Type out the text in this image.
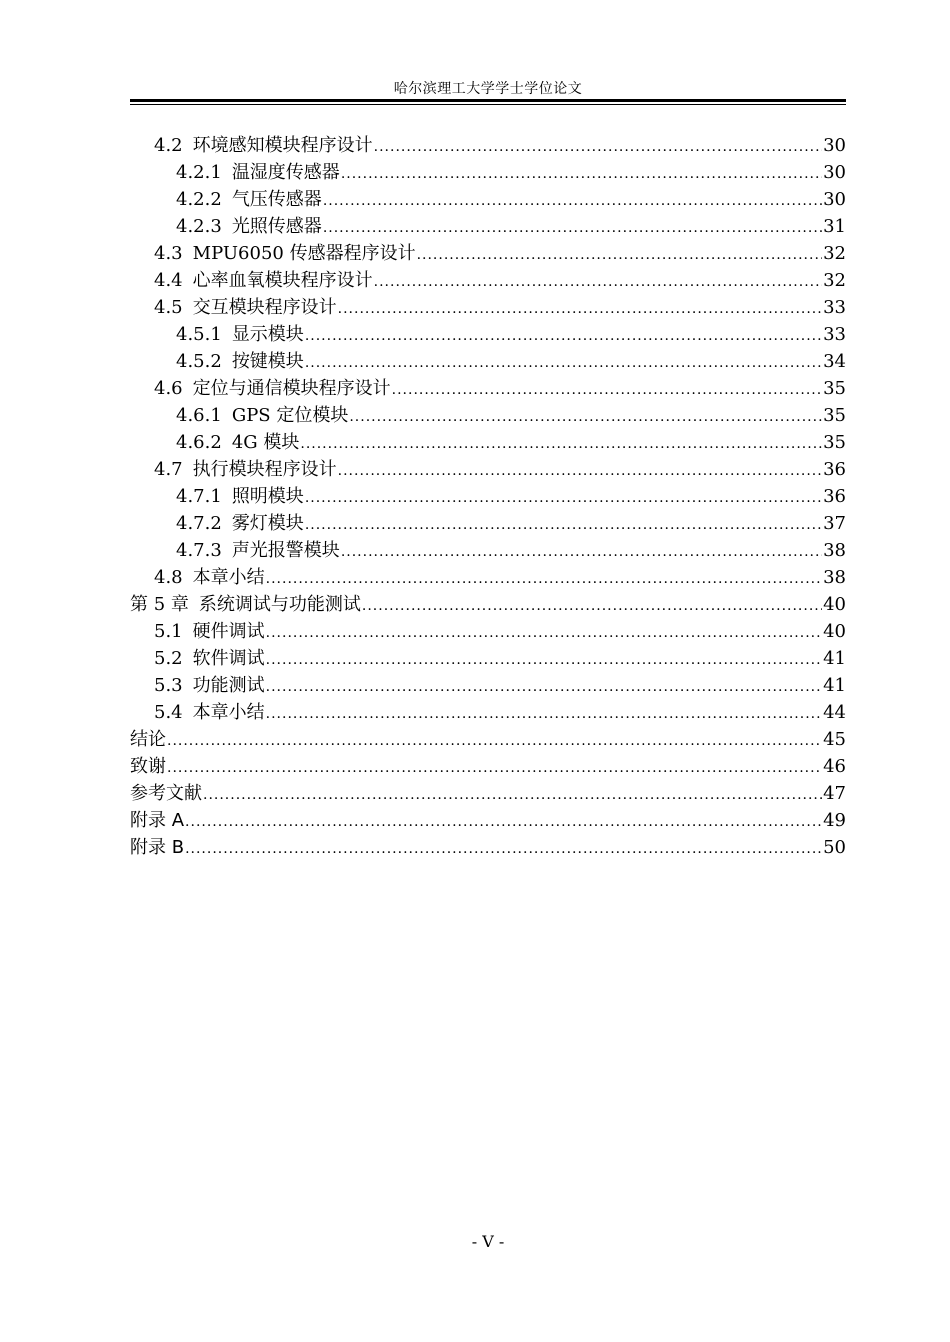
哈尔滨理工大学学士学位论文
4.2 环境感知模块程序设计 .....	30
4.2.1 温湿度传感器 .....	30
4.2.2 气压传感器 .....	30
4.2.3 光照传感器 .....	31
4.3 MPU6050 传感器程序设计 .....	32
4.4 心率血氧模块程序设计 .....	32
4.5 交互模块程序设计 .....	33
4.5.1 显示模块 .....	33
4.5.2 按键模块 .....	34
4.6 定位与通信模块程序设计 .....	35
4.6.1 GPS 定位模块 .....	35
4.6.2 4G 模块 .....	35
4.7 执行模块程序设计 .....	36
4.7.1 照明模块 .....	36
4.7.2 雾灯模块 .....	37
4.7.3 声光报警模块 .....	38
4.8 本章小结 .....	38
第 5 章 系统调试与功能测试 .....	40
5.1 硬件调试 .....	40
5.2 软件调试 .....	41
5.3 功能测试 .....	41
5.4 本章小结 .....	44
结论 .....	45
致谢 .....	46
参考文献 .....	47
附录 A .....	49
附录 B .....	50
- V -
